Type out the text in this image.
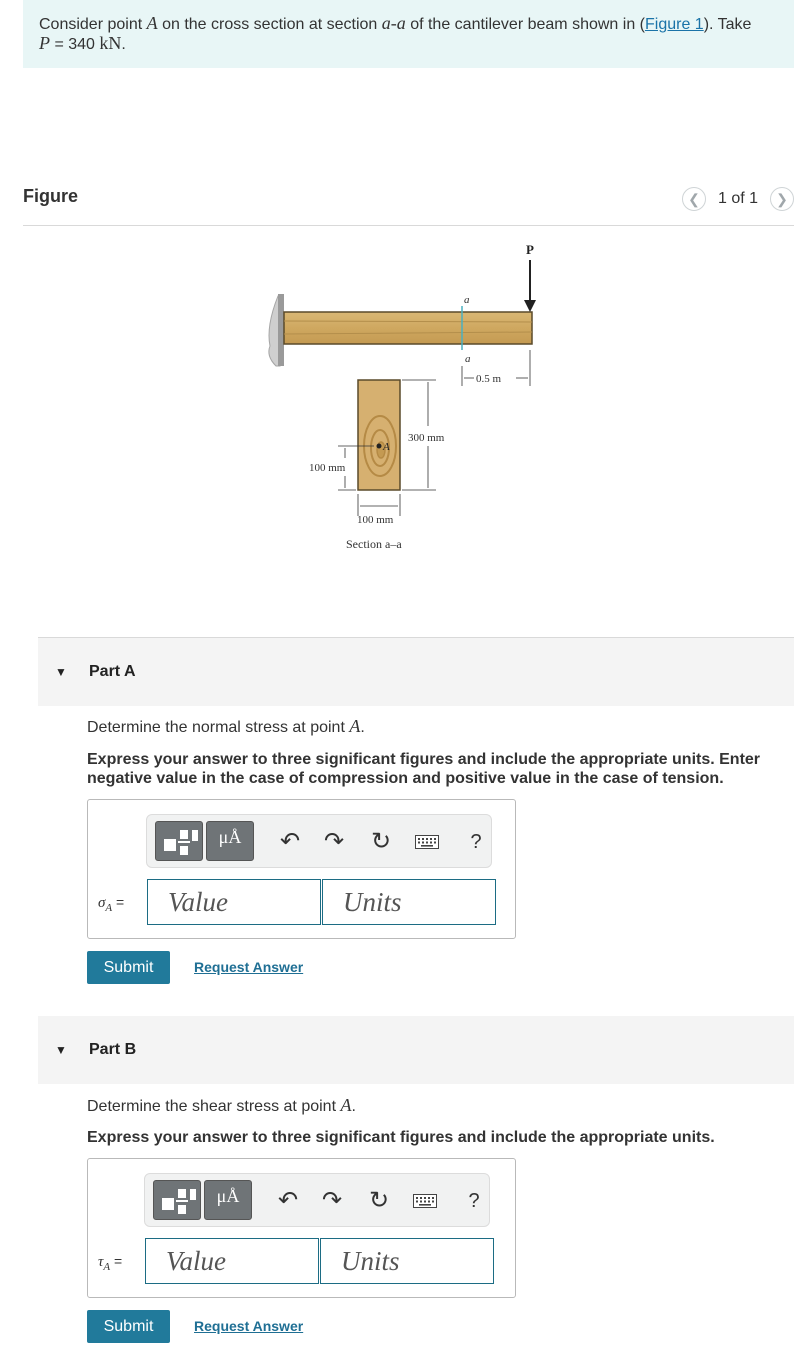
Consider point A on the cross section at section a-a of the cantilever beam shown in (Figure 1). Take
P = 340 kN.
Figure	❮	1 of 1	❯
a
a
P
0.5 m
A
300 mm
100 mm
100 mm
Section a–a
▼ Part A
Determine the normal stress at point A.
Express your answer to three significant figures and include the appropriate units. Enter negative value in the case of compression and positive value in the case of tension.
μÅ	↶ ↷ ↻	?
$\sigma_A$ =	Value	Units
Submit	Request Answer
▼ Part B
Determine the shear stress at point A.
Express your answer to three significant figures and include the appropriate units.
μÅ	↶ ↷ ↻	?
$\tau_A$ =	Value	Units
Submit	Request Answer
